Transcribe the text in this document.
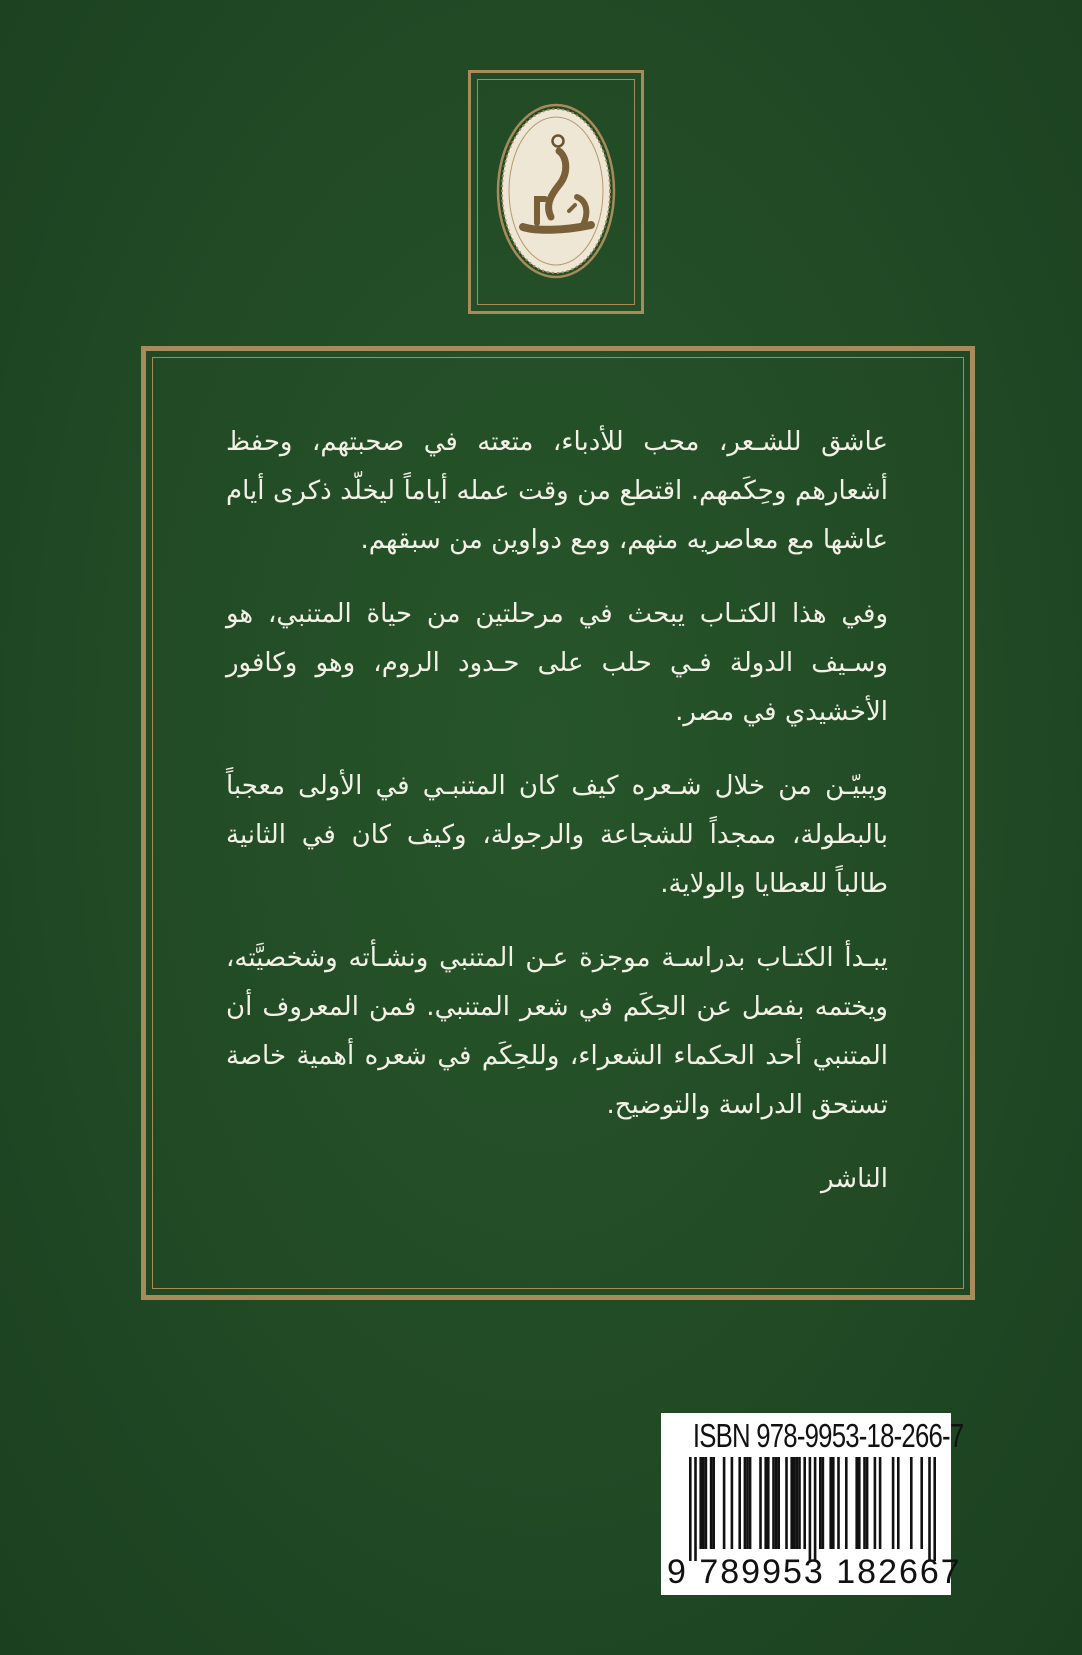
عاشق للشـعر، محب للأدباء، متعته في صحبتهم، وحفظ أشعارهم وحِكَمهم. اقتطع من وقت عمله أياماً ليخلّد ذكرى أيام عاشها مع معاصريه منهم، ومع دواوين من سبقهم.

وفي هذا الكتـاب يبحث في مرحلتين من حياة المتنبي، هو وسـيف الدولة فـي حلب على حـدود الروم، وهو وكافور الأخشيدي في مصر.

ويبيّـن من خلال شـعره كيف كان المتنبـي في الأولى معجباً بالبطولة، ممجداً للشجاعة والرجولة، وكيف كان في الثانية طالباً للعطايا والولاية.

يبـدأ الكتـاب بدراسـة موجزة عـن المتنبي ونشـأته وشخصيَّته، ويختمه بفصل عن الحِكَم في شعر المتنبي. فمن المعروف أن المتنبي أحد الحكماء الشعراء، وللحِكَم في شعره أهمية خاصة تستحق الدراسة والتوضيح.

الناشر

ISBN 978-9953-18-266-7
9 789953 182667
